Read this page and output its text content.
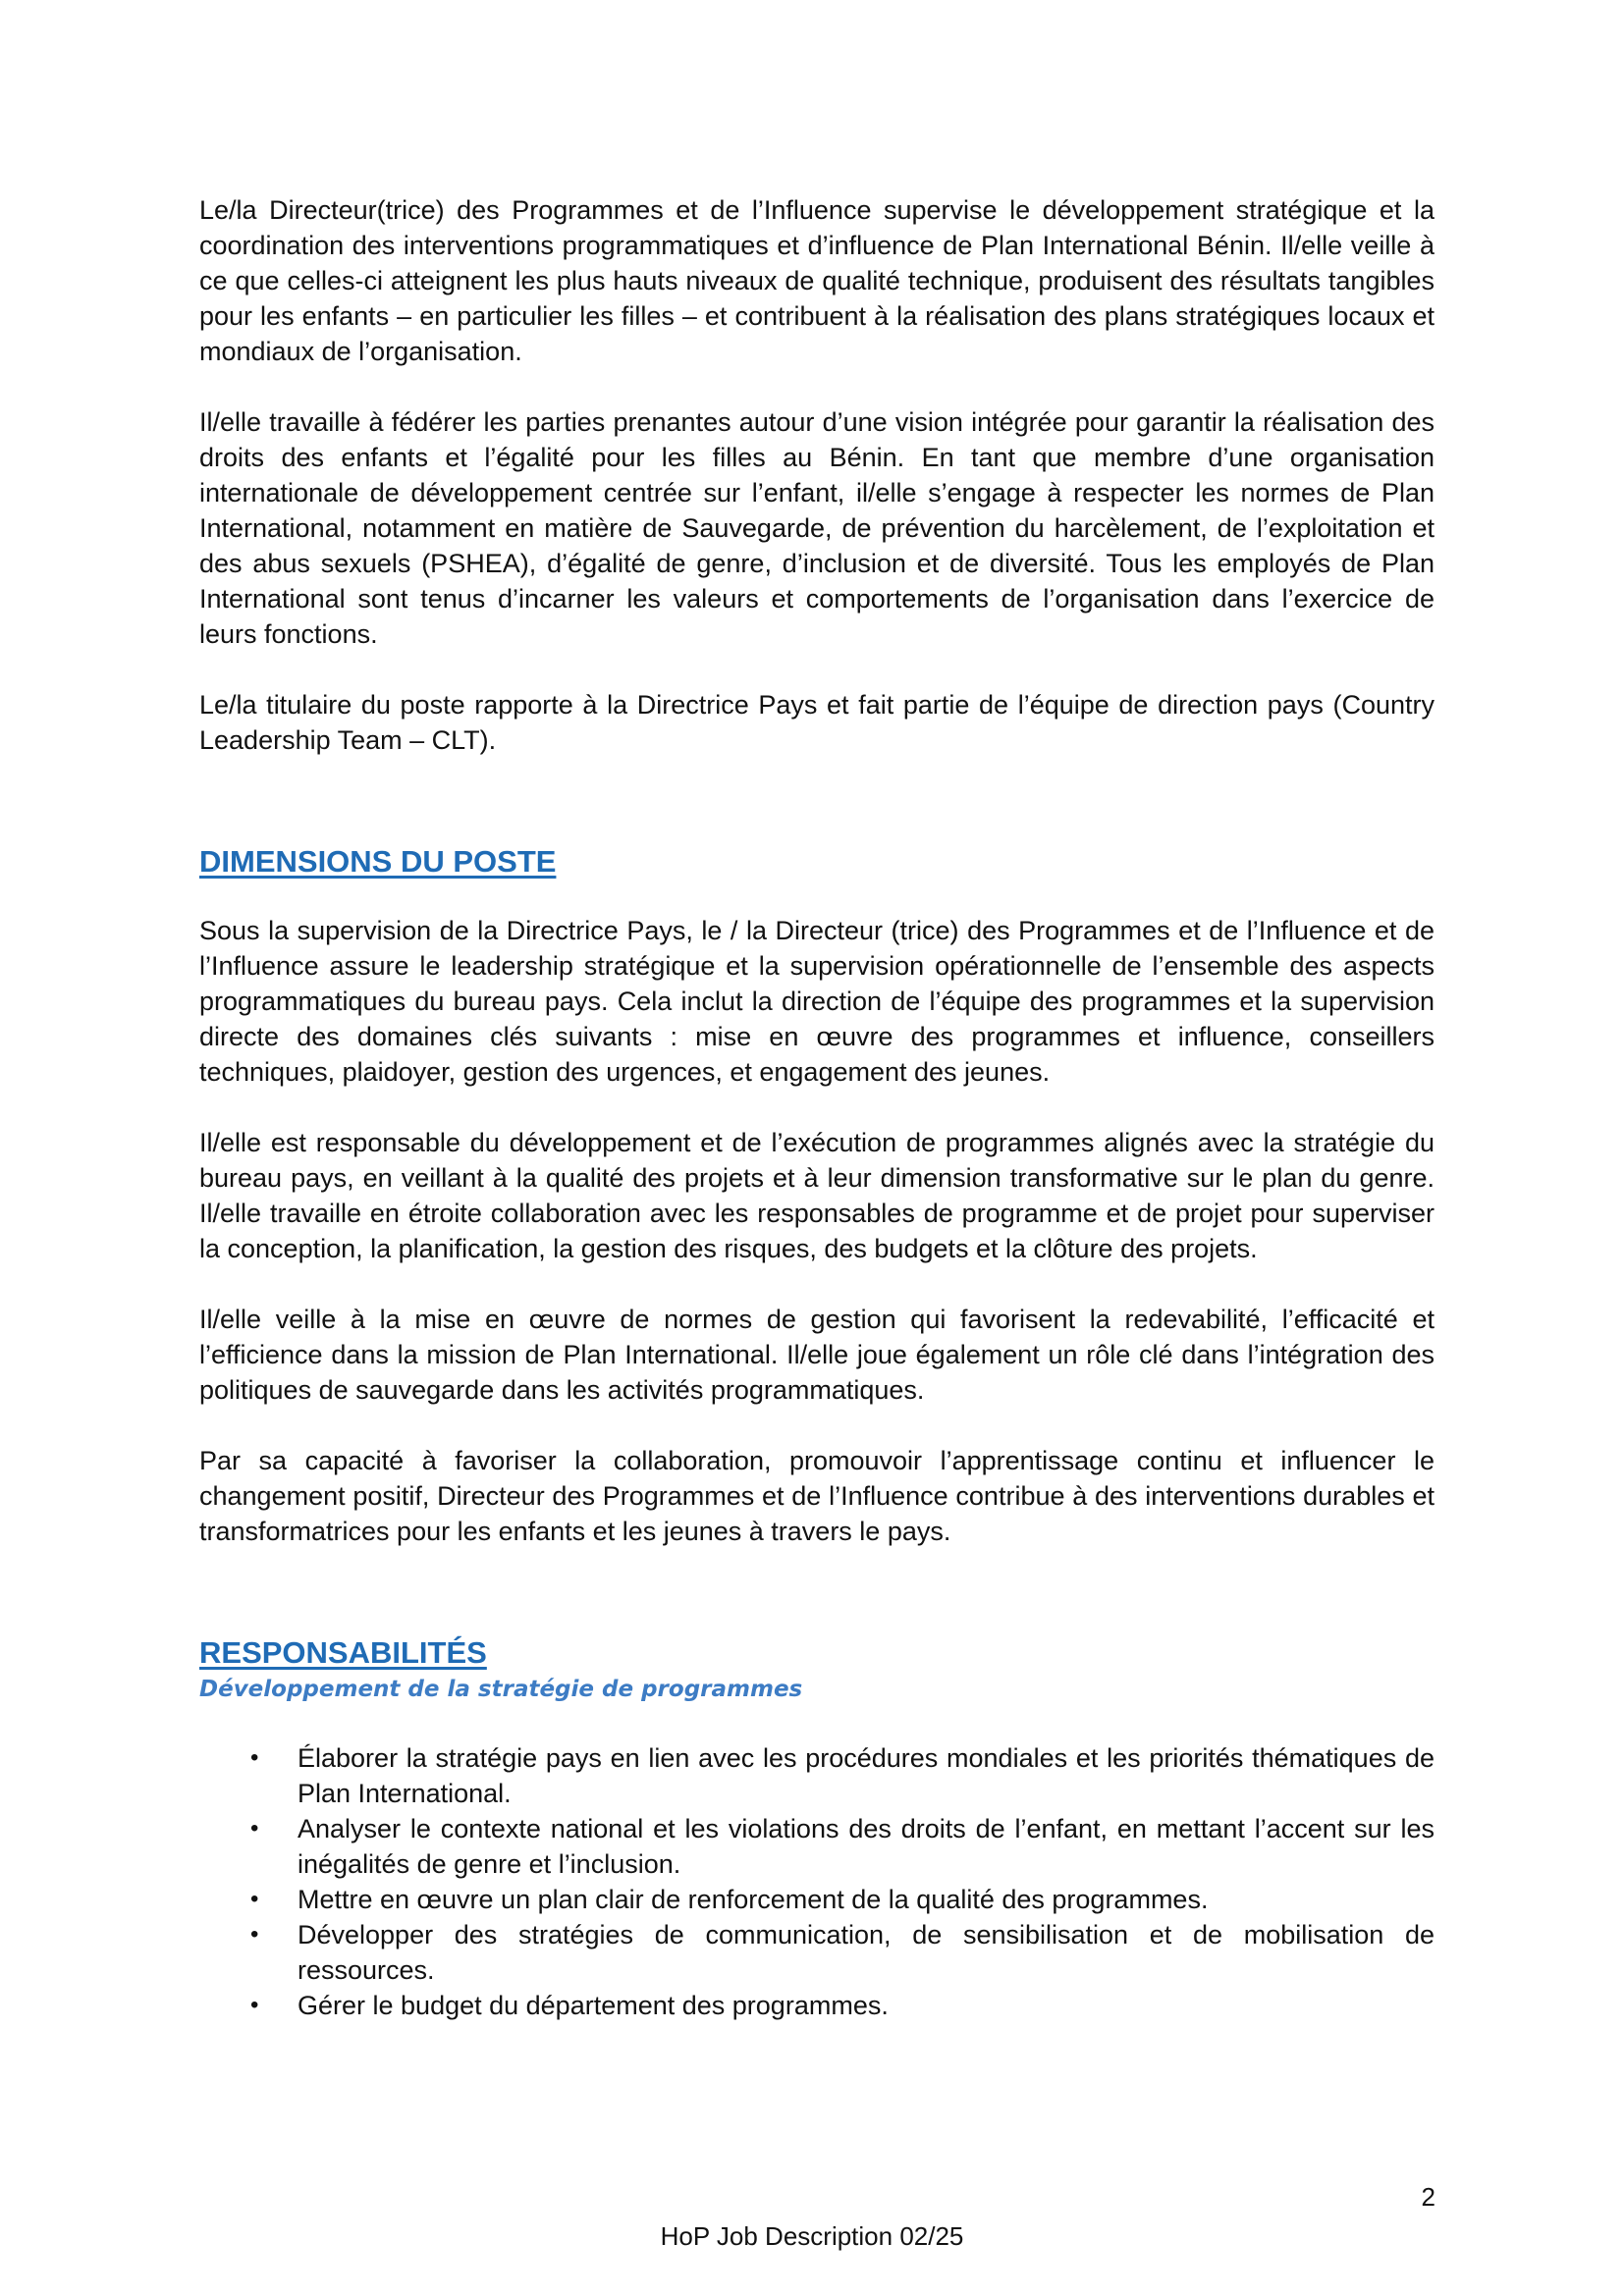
Le/la Directeur(trice) des Programmes et de l’Influence supervise le développement stratégique et la coordination des interventions programmatiques et d’influence de Plan International Bénin. Il/elle veille à ce que celles-ci atteignent les plus hauts niveaux de qualité technique, produisent des résultats tangibles pour les enfants – en particulier les filles – et contribuent à la réalisation des plans stratégiques locaux et mondiaux de l’organisation.

Il/elle travaille à fédérer les parties prenantes autour d’une vision intégrée pour garantir la réalisation des droits des enfants et l’égalité pour les filles au Bénin. En tant que membre d’une organisation internationale de développement centrée sur l’enfant, il/elle s’engage à respecter les normes de Plan International, notamment en matière de Sauvegarde, de prévention du harcèlement, de l’exploitation et des abus sexuels (PSHEA), d’égalité de genre, d’inclusion et de diversité. Tous les employés de Plan International sont tenus d’incarner les valeurs et comportements de l’organisation dans l’exercice de leurs fonctions.

Le/la titulaire du poste rapporte à la Directrice Pays et fait partie de l’équipe de direction pays (Country Leadership Team – CLT).

DIMENSIONS DU POSTE

Sous la supervision de la Directrice Pays, le / la Directeur (trice) des Programmes et de l’Influence et de l’Influence assure le leadership stratégique et la supervision opérationnelle de l’ensemble des aspects programmatiques du bureau pays. Cela inclut la direction de l’équipe des programmes et la supervision directe des domaines clés suivants : mise en œuvre des programmes et influence, conseillers techniques, plaidoyer, gestion des urgences, et engagement des jeunes.

Il/elle est responsable du développement et de l’exécution de programmes alignés avec la stratégie du bureau pays, en veillant à la qualité des projets et à leur dimension transformative sur le plan du genre. Il/elle travaille en étroite collaboration avec les responsables de programme et de projet pour superviser la conception, la planification, la gestion des risques, des budgets et la clôture des projets.

Il/elle veille à la mise en œuvre de normes de gestion qui favorisent la redevabilité, l’efficacité et l’efficience dans la mission de Plan International. Il/elle joue également un rôle clé dans l’intégration des politiques de sauvegarde dans les activités programmatiques.

Par sa capacité à favoriser la collaboration, promouvoir l’apprentissage continu et influencer le changement positif, Directeur des Programmes et de l’Influence contribue à des interventions durables et transformatrices pour les enfants et les jeunes à travers le pays.

RESPONSABILITÉS
Développement de la stratégie de programmes
• Élaborer la stratégie pays en lien avec les procédures mondiales et les priorités thématiques de Plan International.
• Analyser le contexte national et les violations des droits de l’enfant, en mettant l’accent sur les inégalités de genre et l’inclusion.
• Mettre en œuvre un plan clair de renforcement de la qualité des programmes.
• Développer des stratégies de communication, de sensibilisation et de mobilisation de ressources.
• Gérer le budget du département des programmes.
2
HoP Job Description 02/25
